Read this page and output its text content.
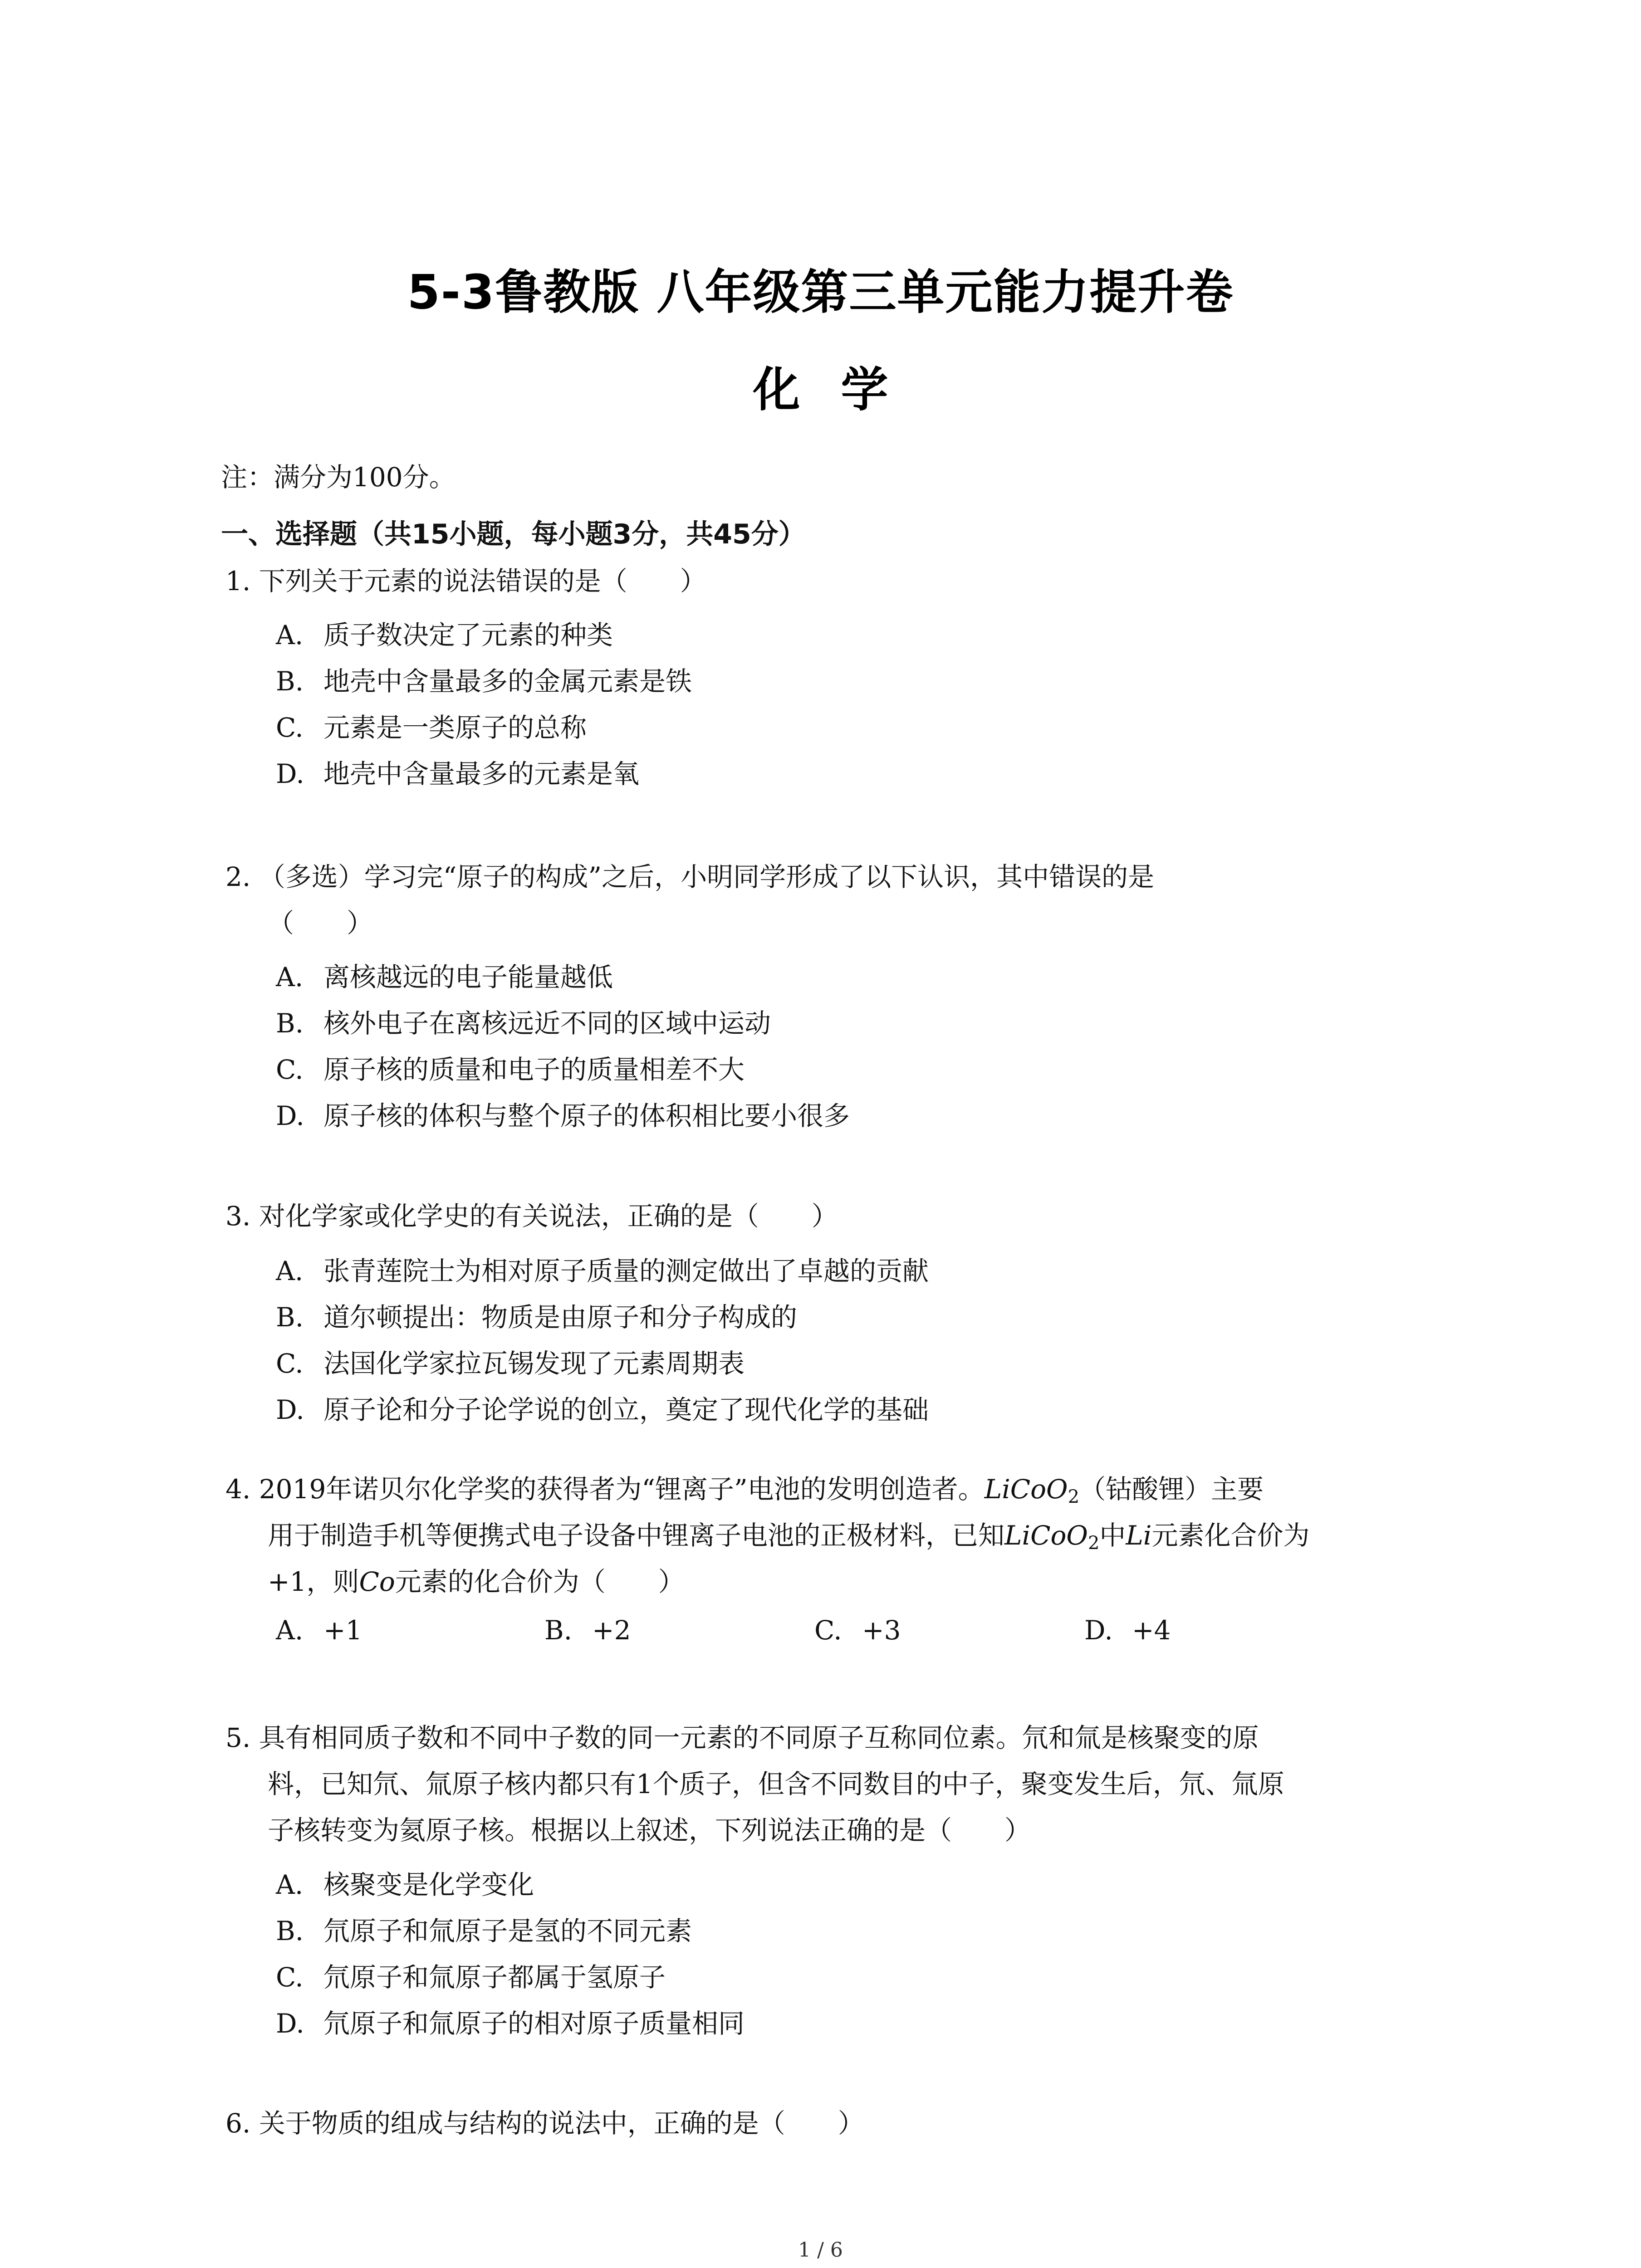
5-3鲁教版 八年级第三单元能力提升卷
化学
注：满分为100分。
一、选择题（共15小题，每小题3分，共45分）
1. 下列关于元素的说法错误的是（　　）
A. 质子数决定了元素的种类
B. 地壳中含量最多的金属元素是铁
C. 元素是一类原子的总称
D. 地壳中含量最多的元素是氧
2. （多选）学习完“原子的构成”之后，小明同学形成了以下认识，其中错误的是
（　　）
A. 离核越远的电子能量越低
B. 核外电子在离核远近不同的区域中运动
C. 原子核的质量和电子的质量相差不大
D. 原子核的体积与整个原子的体积相比要小很多
3. 对化学家或化学史的有关说法，正确的是（　　）
A. 张青莲院士为相对原子质量的测定做出了卓越的贡献
B. 道尔顿提出：物质是由原子和分子构成的
C. 法国化学家拉瓦锡发现了元素周期表
D. 原子论和分子论学说的创立，奠定了现代化学的基础
4. 2019年诺贝尔化学奖的获得者为“锂离子”电池的发明创造者。LiCoO$_2$（钴酸锂）主要
用于制造手机等便携式电子设备中锂离子电池的正极材料，已知LiCoO$_2$中Li元素化合价为
+1，则Co元素的化合价为（　　）
A. +1	B. +2	C. +3	D. +4
5. 具有相同质子数和不同中子数的同一元素的不同原子互称同位素。氘和氚是核聚变的原
料，已知氘、氚原子核内都只有1个质子，但含不同数目的中子，聚变发生后，氘、氚原
子核转变为氦原子核。根据以上叙述，下列说法正确的是（　　）
A. 核聚变是化学变化
B. 氘原子和氚原子是氢的不同元素
C. 氘原子和氚原子都属于氢原子
D. 氘原子和氚原子的相对原子质量相同
6. 关于物质的组成与结构的说法中，正确的是（　　）
1 / 6
